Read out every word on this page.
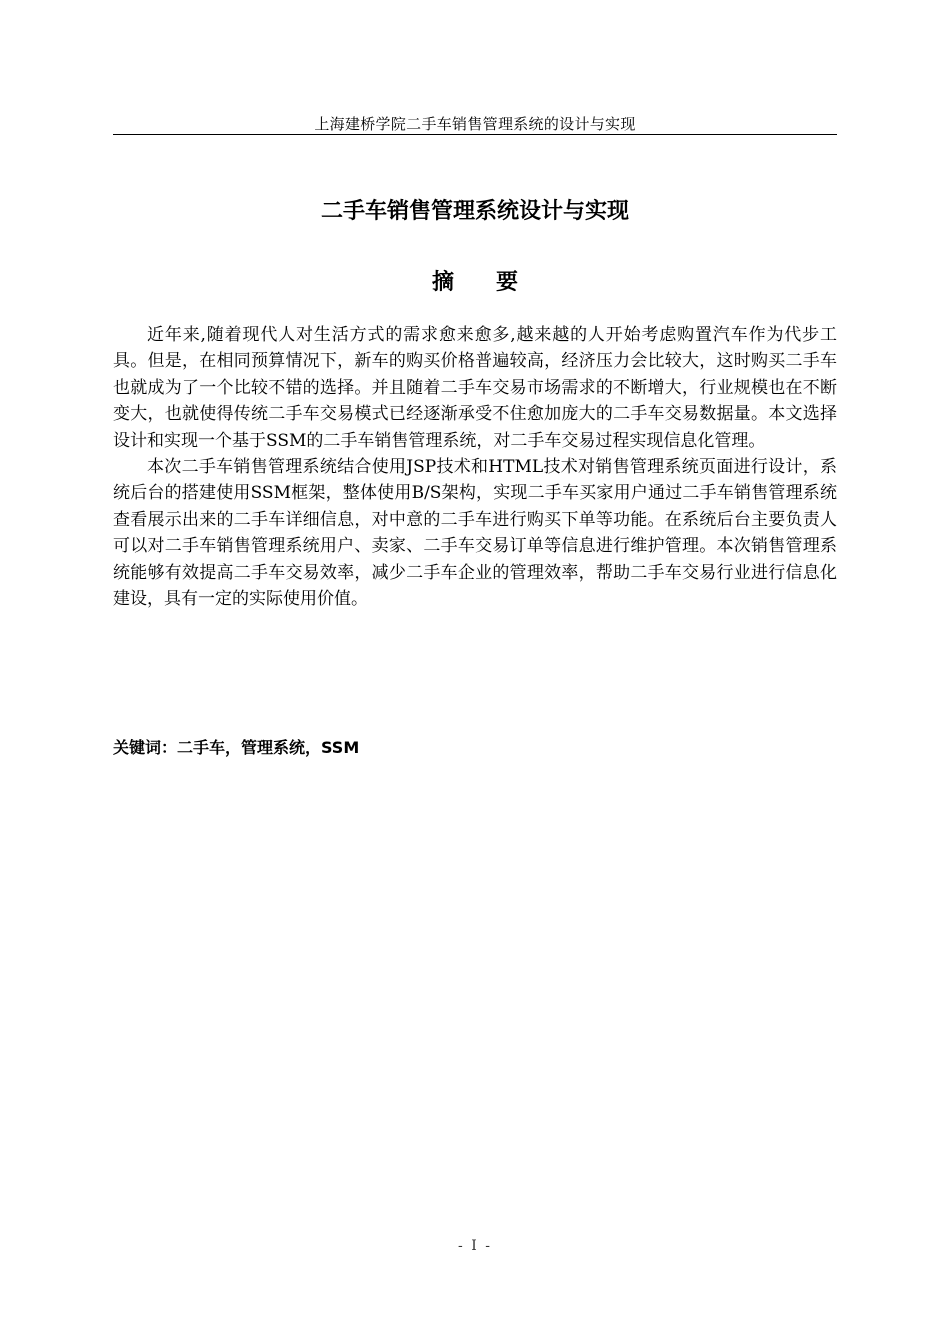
上海建桥学院二手车销售管理系统的设计与实现
二手车销售管理系统设计与实现
摘要

近年来,随着现代人对生活方式的需求愈来愈多,越来越的人开始考虑购置汽车作为代步工具。但是，在相同预算情况下，新车的购买价格普遍较高，经济压力会比较大，这时购买二手车也就成为了一个比较不错的选择。并且随着二手车交易市场需求的不断增大，行业规模也在不断变大，也就使得传统二手车交易模式已经逐渐承受不住愈加庞大的二手车交易数据量。本文选择设计和实现一个基于SSM的二手车销售管理系统，对二手车交易过程实现信息化管理。

本次二手车销售管理系统结合使用JSP技术和HTML技术对销售管理系统页面进行设计，系统后台的搭建使用SSM框架，整体使用B/S架构，实现二手车买家用户通过二手车销售管理系统查看展示出来的二手车详细信息，对中意的二手车进行购买下单等功能。在系统后台主要负责人可以对二手车销售管理系统用户、卖家、二手车交易订单等信息进行维护管理。本次销售管理系统能够有效提高二手车交易效率，减少二手车企业的管理效率，帮助二手车交易行业进行信息化建设，具有一定的实际使用价值。

关键词：二手车，管理系统，SSM
- I -
